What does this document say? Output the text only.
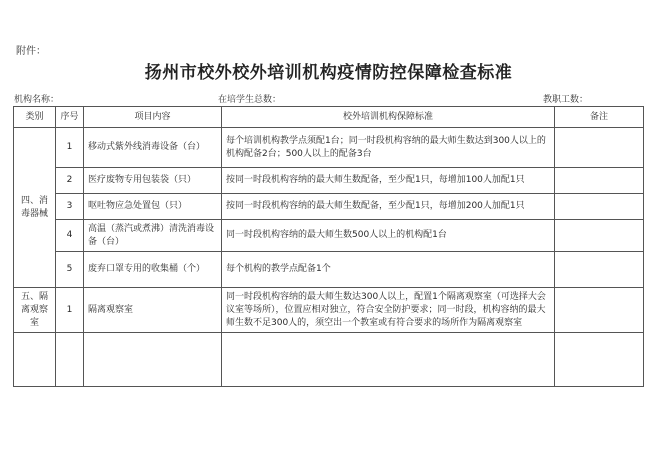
附件：
扬州市校外校外培训机构疫情防控保障检查标准
机构名称：	在培学生总数：	教职工数：
类别	序号	项目内容	校外培训机构保障标准	备注
四、消毒器械	1	移动式紫外线消毒设备（台）	每个培训机构教学点须配1台；同一时段机构容纳的最大师生数达到300人以上的机构配备2台；500人以上的配备3台	
	2	医疗废物专用包装袋（只）	按同一时段机构容纳的最大师生数配备，至少配1只，每增加100人加配1只	
	3	呕吐物应急处置包（只）	按同一时段机构容纳的最大师生数配备，至少配1只，每增加200人加配1只	
	4	高温（蒸汽或煮沸）清洗消毒设备（台）	同一时段机构容纳的最大师生数500人以上的机构配1台	
	5	废弃口罩专用的收集桶（个）	每个机构的教学点配备1个	
五、隔离观察室	1	隔离观察室	同一时段机构容纳的最大师生数达300人以上，配置1个隔离观察室（可选择大会议室等场所），位置应相对独立，符合安全防护要求；同一时段，机构容纳的最大师生数不足300人的，须空出一个教室或有符合要求的场所作为隔离观察室	
